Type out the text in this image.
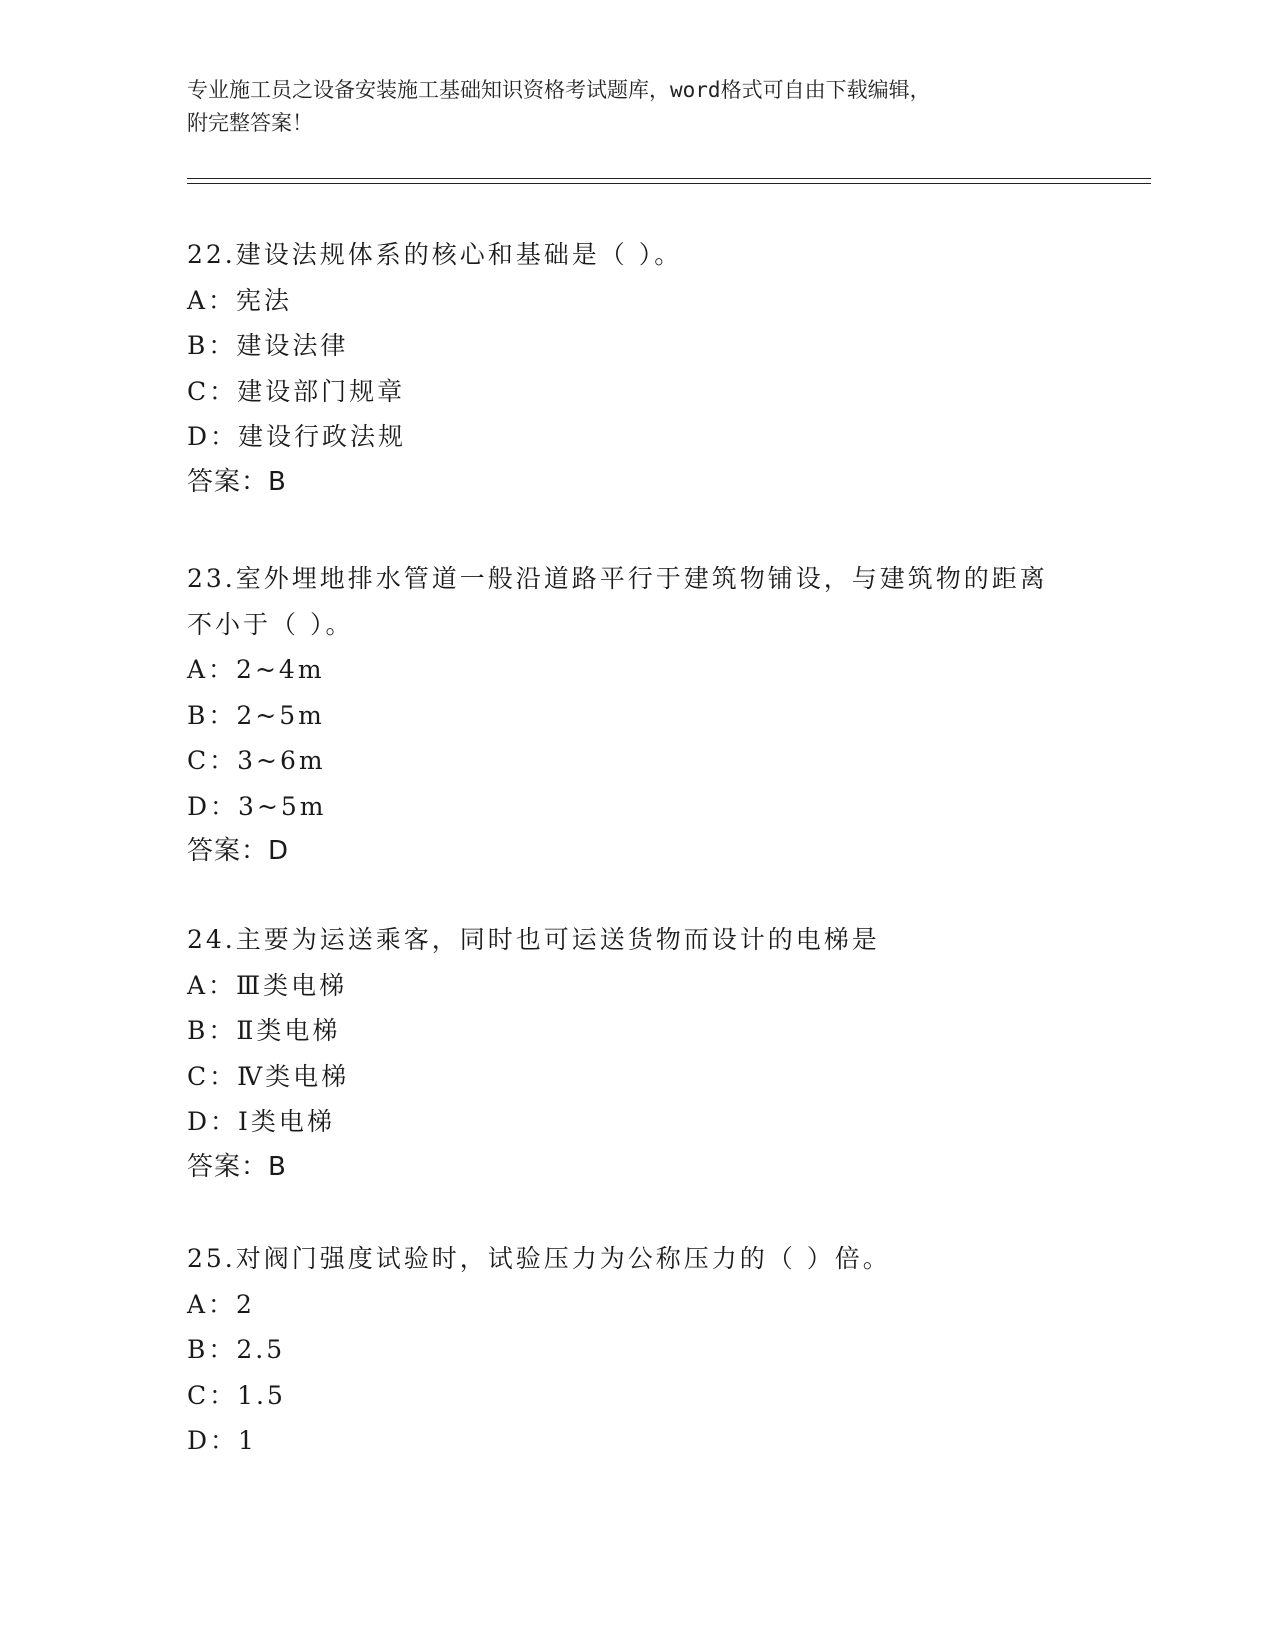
专业施工员之设备安装施工基础知识资格考试题库，word格式可自由下载编辑，
附完整答案！
22.建设法规体系的核心和基础是（ ）。
A：宪法
B：建设法律
C：建设部门规章
D：建设行政法规
答案：B
23.室外埋地排水管道一般沿道路平行于建筑物铺设，与建筑物的距离
不小于（ ）。
A：2~4m
B：2~5m
C：3~6m
D：3~5m
答案：D
24.主要为运送乘客，同时也可运送货物而设计的电梯是
A：Ⅲ类电梯
B：Ⅱ类电梯
C：Ⅳ类电梯
D：Ⅰ类电梯
答案：B
25.对阀门强度试验时，试验压力为公称压力的（ ）倍。
A：2
B：2.5
C：1.5
D：1
